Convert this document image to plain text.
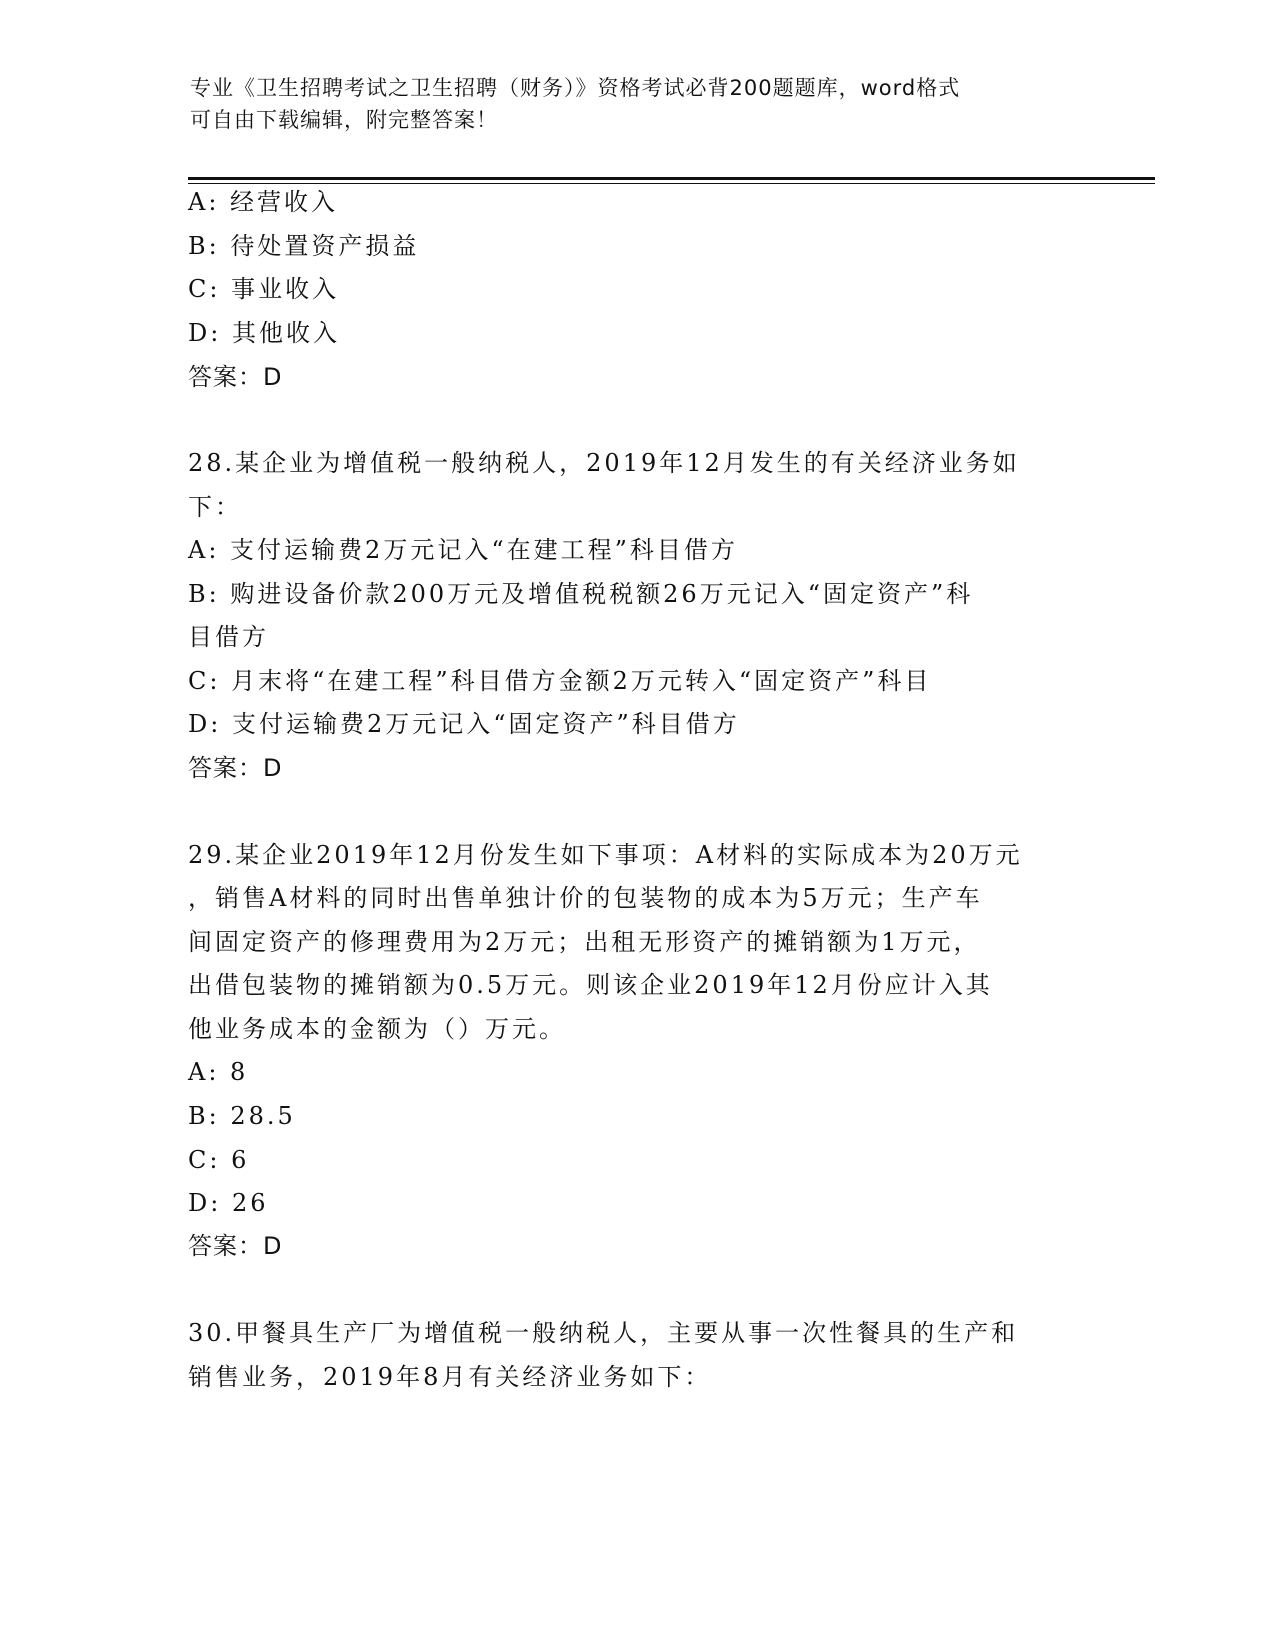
专业《卫生招聘考试之卫生招聘（财务）》资格考试必背200题题库，word格式
可自由下载编辑，附完整答案！
A: 经营收入
B: 待处置资产损益
C: 事业收入
D: 其他收入
答案：D
28.某企业为增值税一般纳税人，2019年12月发生的有关经济业务如
下：
A: 支付运输费2万元记入“在建工程”科目借方
B: 购进设备价款200万元及增值税税额26万元记入“固定资产”科
目借方
C: 月末将“在建工程”科目借方金额2万元转入“固定资产”科目
D: 支付运输费2万元记入“固定资产”科目借方
答案：D
29.某企业2019年12月份发生如下事项：A材料的实际成本为20万元
，销售A材料的同时出售单独计价的包装物的成本为5万元；生产车
间固定资产的修理费用为2万元；出租无形资产的摊销额为1万元，
出借包装物的摊销额为0.5万元。则该企业2019年12月份应计入其
他业务成本的金额为（）万元。
A: 8
B: 28.5
C: 6
D: 26
答案：D
30.甲餐具生产厂为增值税一般纳税人，主要从事一次性餐具的生产和
销售业务，2019年8月有关经济业务如下：
